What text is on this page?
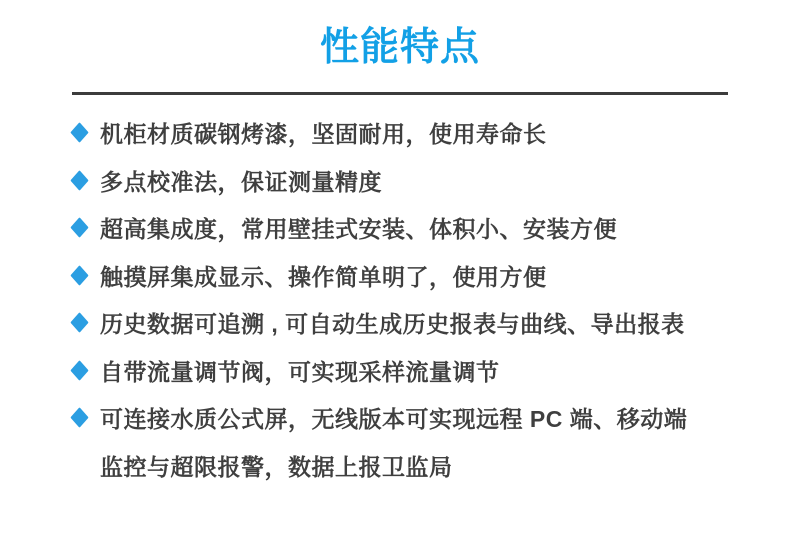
性能特点
机柜材质碳钢烤漆，坚固耐用，使用寿命长
多点校准法，保证测量精度
超高集成度，常用壁挂式安装、体积小、安装方便
触摸屏集成显示、操作简单明了，使用方便
历史数据可追溯 , 可自动生成历史报表与曲线、导出报表
自带流量调节阀，可实现采样流量调节
可连接水质公式屏，无线版本可实现远程 PC 端、移动端监控与超限报警，数据上报卫监局
